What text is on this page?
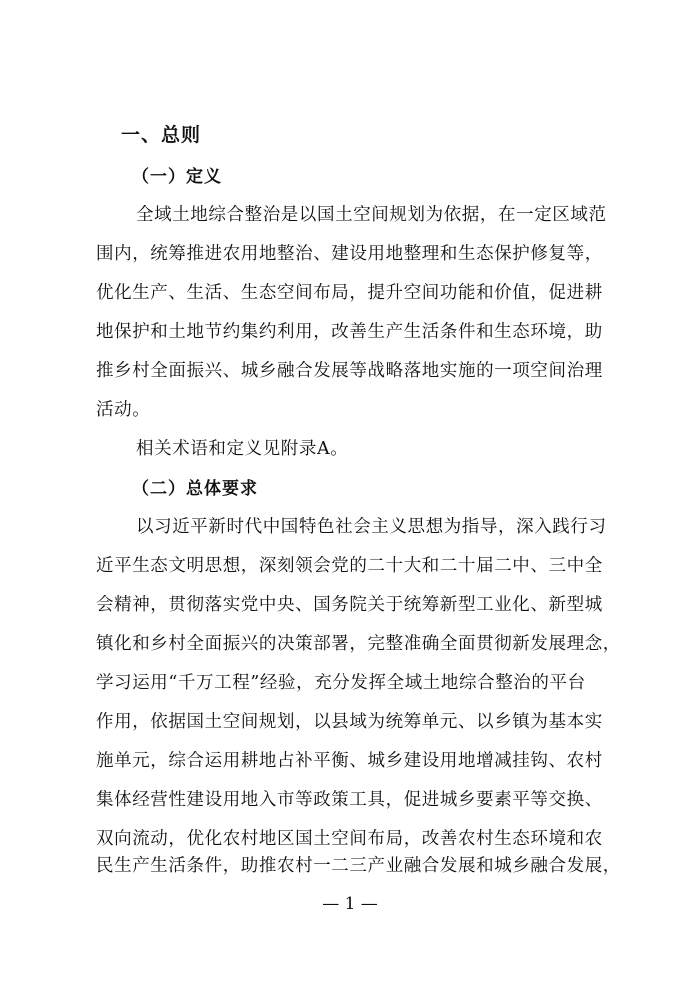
一、总则
（一）定义
全域土地综合整治是以国土空间规划为依据，在一定区域范
围内，统筹推进农用地整治、建设用地整理和生态保护修复等，
优化生产、生活、生态空间布局，提升空间功能和价值，促进耕
地保护和土地节约集约利用，改善生产生活条件和生态环境，助
推乡村全面振兴、城乡融合发展等战略落地实施的一项空间治理
活动。
相关术语和定义见附录A。
（二）总体要求
以习近平新时代中国特色社会主义思想为指导，深入践行习
近平生态文明思想，深刻领会党的二十大和二十届二中、三中全
会精神，贯彻落实党中央、国务院关于统筹新型工业化、新型城
镇化和乡村全面振兴的决策部署，完整准确全面贯彻新发展理念，
学习运用“千万工程”经验，充分发挥全域土地综合整治的平台
作用，依据国土空间规划，以县域为统筹单元、以乡镇为基本实
施单元，综合运用耕地占补平衡、城乡建设用地增减挂钩、农村
集体经营性建设用地入市等政策工具，促进城乡要素平等交换、
双向流动，优化农村地区国土空间布局，改善农村生态环境和农
民生产生活条件，助推农村一二三产业融合发展和城乡融合发展，
— 1 —
